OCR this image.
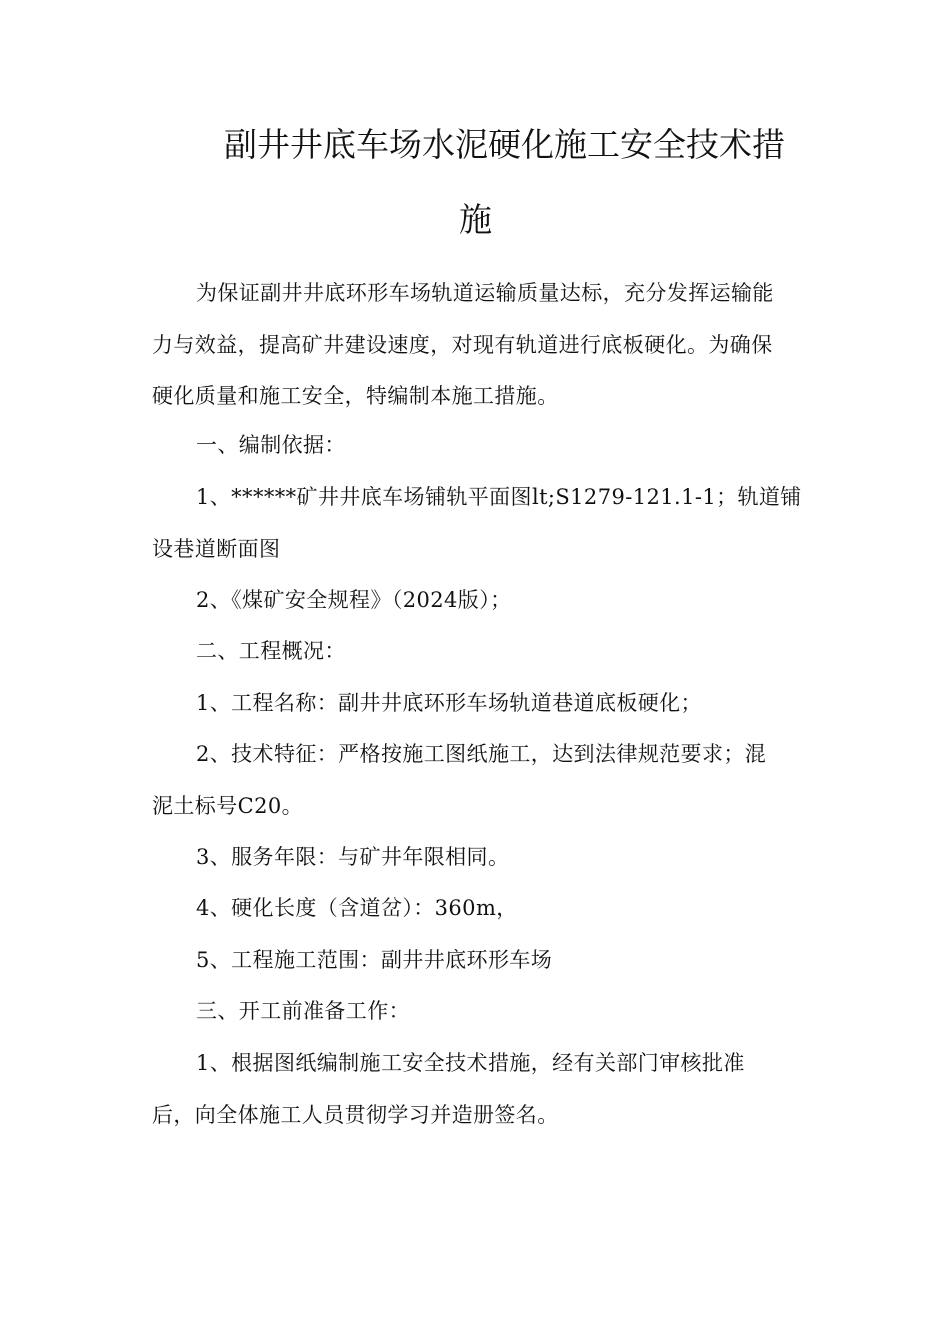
副井井底车场水泥硬化施工安全技术措
施
为保证副井井底环形车场轨道运输质量达标，充分发挥运输能
力与效益，提高矿井建设速度，对现有轨道进行底板硬化。为确保
硬化质量和施工安全，特编制本施工措施。
一、编制依据：
1、******矿井井底车场铺轨平面图lt;S1279-121.1-1；轨道铺
设巷道断面图
2、《煤矿安全规程》（2024版）；
二、工程概况：
1、工程名称：副井井底环形车场轨道巷道底板硬化；
2、技术特征：严格按施工图纸施工，达到法律规范要求；混
泥土标号C20。
3、服务年限：与矿井年限相同。
4、硬化长度（含道岔）：360m，
5、工程施工范围：副井井底环形车场
三、开工前准备工作：
1、根据图纸编制施工安全技术措施，经有关部门审核批准
后，向全体施工人员贯彻学习并造册签名。
